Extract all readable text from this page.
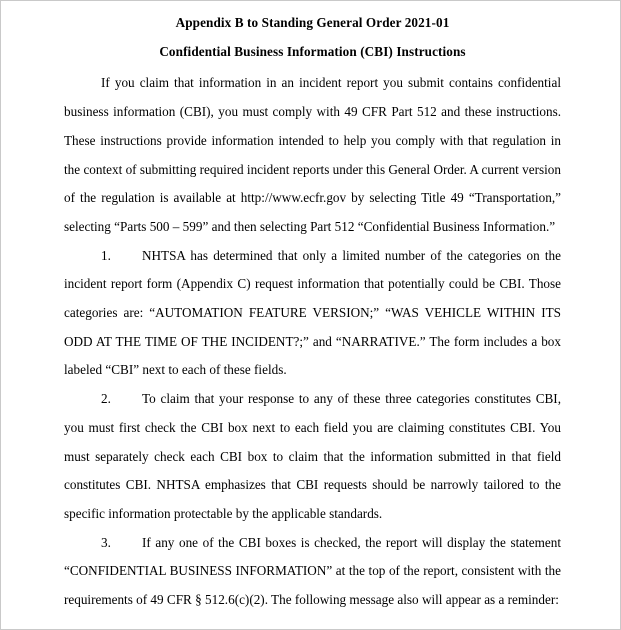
Appendix B to Standing General Order 2021-01
Confidential Business Information (CBI) Instructions

If you claim that information in an incident report you submit contains confidential business information (CBI), you must comply with 49 CFR Part 512 and these instructions. These instructions provide information intended to help you comply with that regulation in the context of submitting required incident reports under this General Order. A current version of the regulation is available at http://www.ecfr.gov by selecting Title 49 “Transportation,” selecting “Parts 500 – 599” and then selecting Part 512 “Confidential Business Information.”

1. NHTSA has determined that only a limited number of the categories on the incident report form (Appendix C) request information that potentially could be CBI. Those categories are: “AUTOMATION FEATURE VERSION;” “WAS VEHICLE WITHIN ITS ODD AT THE TIME OF THE INCIDENT?;” and “NARRATIVE.” The form includes a box labeled “CBI” next to each of these fields.

2. To claim that your response to any of these three categories constitutes CBI, you must first check the CBI box next to each field you are claiming constitutes CBI. You must separately check each CBI box to claim that the information submitted in that field constitutes CBI. NHTSA emphasizes that CBI requests should be narrowly tailored to the specific information protectable by the applicable standards.

3. If any one of the CBI boxes is checked, the report will display the statement “CONFIDENTIAL BUSINESS INFORMATION” at the top of the report, consistent with the requirements of 49 CFR § 512.6(c)(2). The following message also will appear as a reminder:
